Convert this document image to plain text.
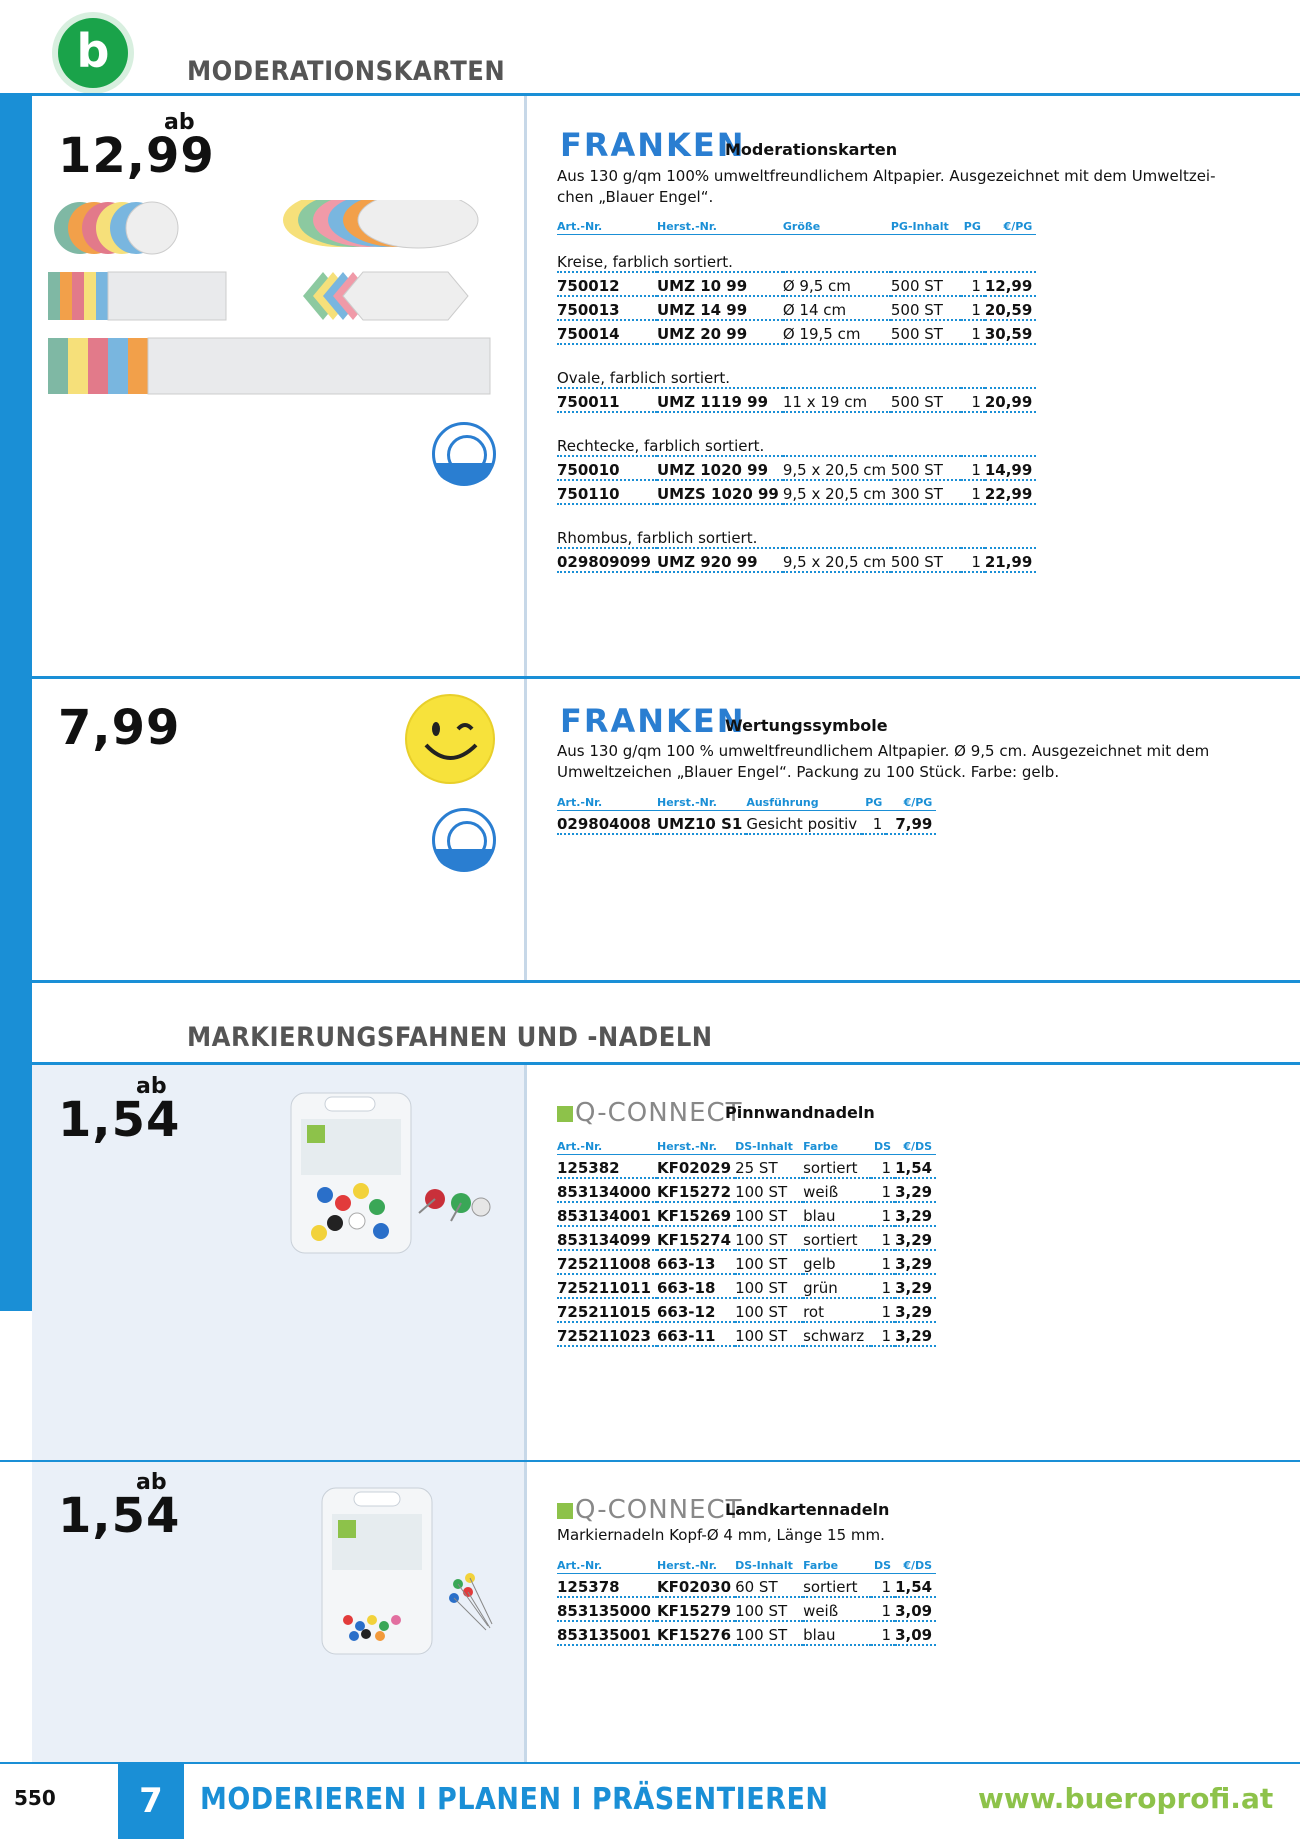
b	MODERATIONSKARTEN
ab
12,99	FRANKEN
Moderationskarten
Aus 130 g/qm 100% umweltfreundlichem Altpapier. Ausgezeichnet mit dem Umweltzei-chen „Blauer Engel“.
Art.-Nr.	Herst.-Nr.	Größe	PG-Inhalt	PG	€/PG
Kreise, farblich sortiert.					
750012	UMZ 10 99	Ø 9,5 cm	500 ST	1	12,99
750013	UMZ 14 99	Ø 14 cm	500 ST	1	20,59
750014	UMZ 20 99	Ø 19,5 cm	500 ST	1	30,59
Ovale, farblich sortiert.					
750011	UMZ 1119 99	11 x 19 cm	500 ST	1	20,99
Rechtecke, farblich sortiert.					
750010	UMZ 1020 99	9,5 x 20,5 cm	500 ST	1	14,99
750110	UMZS 1020 99	9,5 x 20,5 cm	300 ST	1	22,99
Rhombus, farblich sortiert.					
029809099	UMZ 920 99	9,5 x 20,5 cm	500 ST	1	21,99
7,99	FRANKEN
Wertungssymbole
Aus 130 g/qm 100 % umweltfreundlichem Altpapier. Ø 9,5 cm. Ausgezeichnet mit dem Umweltzeichen „Blauer Engel“. Packung zu 100 Stück. Farbe: gelb.
Art.-Nr.	Herst.-Nr.	Ausführung	PG	€/PG
029804008	UMZ10 S1	Gesicht positiv	1	7,99
MARKIERUNGSFAHNEN UND -NADELN
ab
1,54	Q-CONNECT
Pinnwandnadeln
Art.-Nr.	Herst.-Nr.	DS-Inhalt	Farbe	DS	€/DS
125382	KF02029	25 ST	sortiert	1	1,54
853134000	KF15272	100 ST	weiß	1	3,29
853134001	KF15269	100 ST	blau	1	3,29
853134099	KF15274	100 ST	sortiert	1	3,29
725211008	663-13	100 ST	gelb	1	3,29
725211011	663-18	100 ST	grün	1	3,29
725211015	663-12	100 ST	rot	1	3,29
725211023	663-11	100 ST	schwarz	1	3,29
ab
1,54	Q-CONNECT
Landkartennadeln
Markiernadeln Kopf-Ø 4 mm, Länge 15 mm.
Art.-Nr.	Herst.-Nr.	DS-Inhalt	Farbe	DS	€/DS
125378	KF02030	60 ST	sortiert	1	1,54
853135000	KF15279	100 ST	weiß	1	3,09
853135001	KF15276	100 ST	blau	1	3,09
550	7	MODERIEREN I PLANEN I PRÄSENTIEREN	www.bueroprofi.at
